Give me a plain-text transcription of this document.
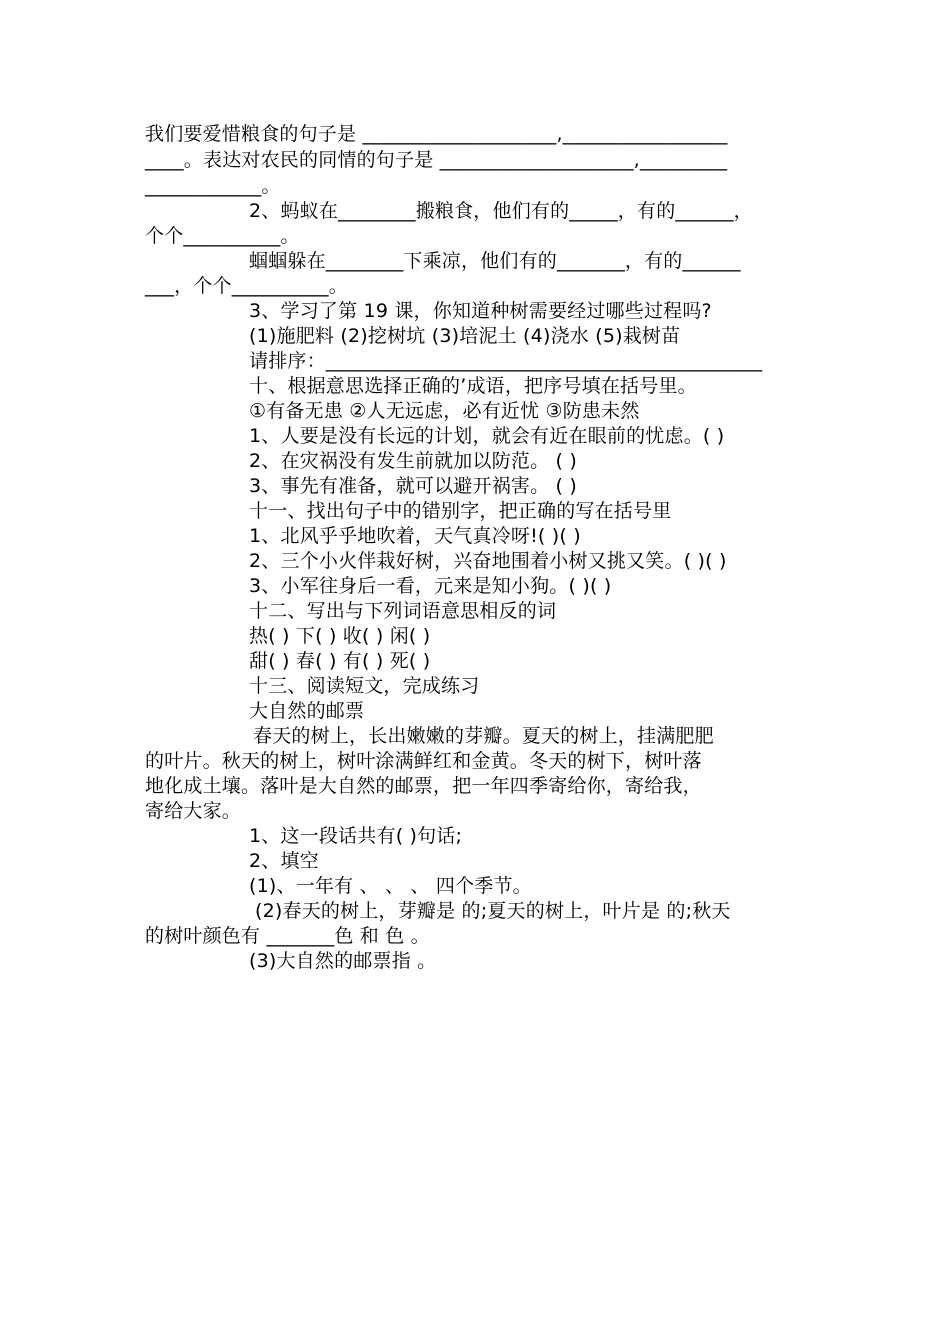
我们要爱惜粮食的句子是 ____________________,_________________
____。表达对农民的同情的句子是 ____________________,_________
____________。
2、蚂蚁在________搬粮食，他们有的_____，有的______，
个个__________。
蝈蝈躲在________下乘凉，他们有的_______，有的______
___，个个__________。
3、学习了第 19 课，你知道种树需要经过哪些过程吗?
(1)施肥料 (2)挖树坑 (3)培泥土 (4)浇水 (5)栽树苗
请排序：_____________________________________________
十、根据意思选择正确的’成语，把序号填在括号里。
①有备无患 ②人无远虑，必有近忧 ③防患未然
1、人要是没有长远的计划，就会有近在眼前的忧虑。( )
2、在灾祸没有发生前就加以防范。 ( )
3、事先有准备，就可以避开祸害。 ( )
十一、找出句子中的错别字，把正确的写在括号里
1、北风乎乎地吹着，天气真冷呀!( )( )
2、三个小火伴栽好树，兴奋地围着小树又挑又笑。( )( )
3、小军往身后一看，元来是知小狗。( )( )
十二、写出与下列词语意思相反的词
热( ) 下( ) 收( ) 闲( )
甜( ) 春( ) 有( ) 死( )
十三、阅读短文，完成练习
大自然的邮票
春天的树上，长出嫩嫩的芽瓣。夏天的树上，挂满肥肥
的叶片。秋天的树上，树叶涂满鲜红和金黄。冬天的树下，树叶落
地化成土壤。落叶是大自然的邮票，把一年四季寄给你，寄给我，
寄给大家。
1、这一段话共有( )句话;
2、填空
(1)、一年有 、 、 、 四个季节。
(2)春天的树上，芽瓣是 的;夏天的树上，叶片是 的;秋天
的树叶颜色有 _______色 和 色 。
(3)大自然的邮票指 。
